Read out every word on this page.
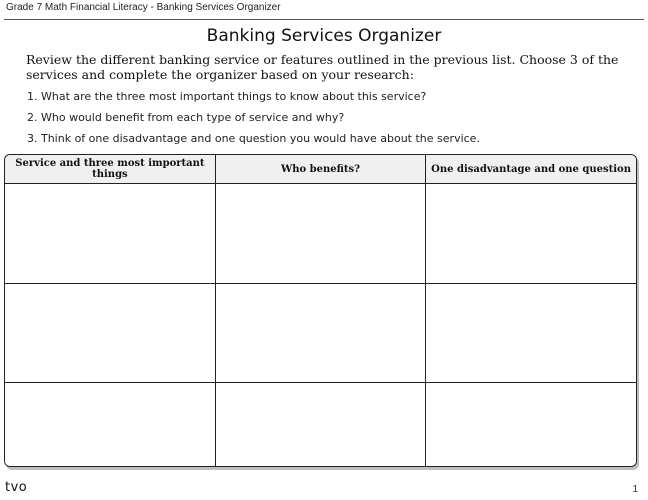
Grade 7 Math Financial Literacy - Banking Services Organizer
Banking Services Organizer
Review the different banking service or features outlined in the previous list. Choose 3 of the services and complete the organizer based on your research:
1. What are the three most important things to know about this service?
2. Who would benefit from each type of service and why?
3. Think of one disadvantage and one question you would have about the service.
Service and three most important things	Who benefits?	One disadvantage and one question

tvo	1
